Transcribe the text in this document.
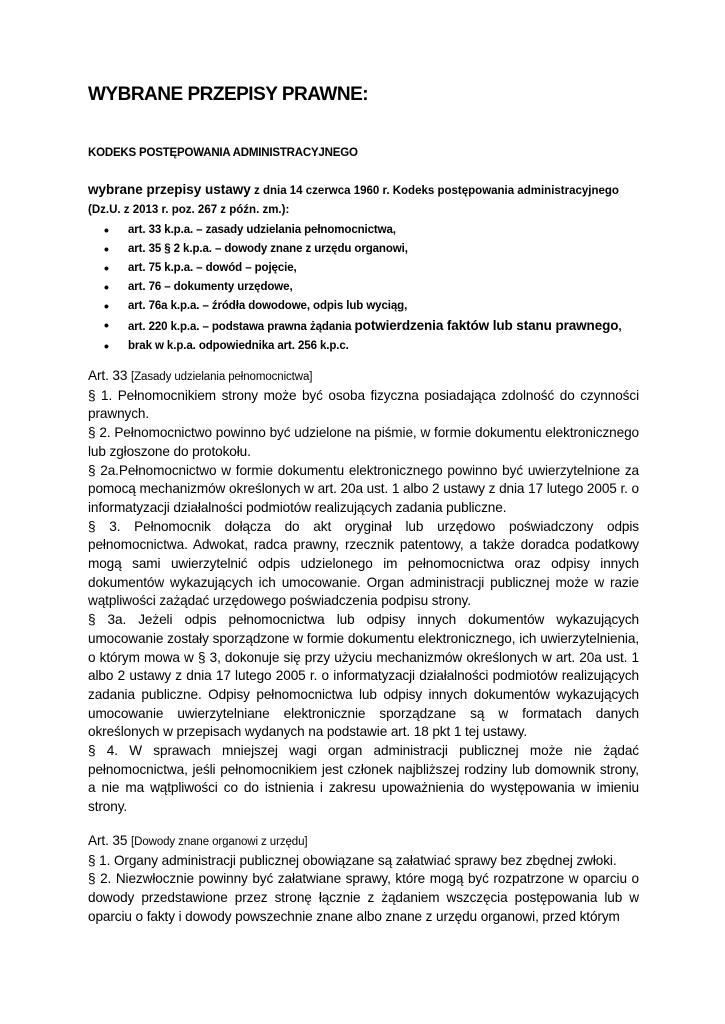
WYBRANE PRZEPISY PRAWNE:
KODEKS POSTĘPOWANIA ADMINISTRACYJNEGO

wybrane przepisy ustawy z dnia 14 czerwca 1960 r. Kodeks postępowania administracyjnego
(Dz.U. z 2013 r. poz. 267 z późn. zm.):

• art. 33 k.p.a. – zasady udzielania pełnomocnictwa,
• art. 35 § 2 k.p.a. – dowody znane z urzędu organowi,
• art. 75 k.p.a. – dowód – pojęcie,
• art. 76 – dokumenty urzędowe,
• art. 76a k.p.a. – źródła dowodowe, odpis lub wyciąg,
• art. 220 k.p.a. – podstawa prawna żądania potwierdzenia faktów lub stanu prawnego,
• brak w k.p.a. odpowiednika art. 256 k.p.c.

Art. 33 [Zasady udzielania pełnomocnictwa]

§ 1. Pełnomocnikiem strony może być osoba fizyczna posiadająca zdolność do czynności prawnych.

§ 2. Pełnomocnictwo powinno być udzielone na piśmie, w formie dokumentu elektronicznego lub zgłoszone do protokołu.

§ 2a.Pełnomocnictwo w formie dokumentu elektronicznego powinno być uwierzytelnione za pomocą mechanizmów określonych w art. 20a ust. 1 albo 2 ustawy z dnia 17 lutego 2005 r. o informatyzacji działalności podmiotów realizujących zadania publiczne.

§ 3. Pełnomocnik dołącza do akt oryginał lub urzędowo poświadczony odpis pełnomocnictwa. Adwokat, radca prawny, rzecznik patentowy, a także doradca podatkowy mogą sami uwierzytelnić odpis udzielonego im pełnomocnictwa oraz odpisy innych dokumentów wykazujących ich umocowanie. Organ administracji publicznej może w razie wątpliwości zażądać urzędowego poświadczenia podpisu strony.

§ 3a. Jeżeli odpis pełnomocnictwa lub odpisy innych dokumentów wykazujących umocowanie zostały sporządzone w formie dokumentu elektronicznego, ich uwierzytelnienia, o którym mowa w § 3, dokonuje się przy użyciu mechanizmów określonych w art. 20a ust. 1 albo 2 ustawy z dnia 17 lutego 2005 r. o informatyzacji działalności podmiotów realizujących zadania publiczne. Odpisy pełnomocnictwa lub odpisy innych dokumentów wykazujących umocowanie uwierzytelniane elektronicznie sporządzane są w formatach danych określonych w przepisach wydanych na podstawie art. 18 pkt 1 tej ustawy.

§ 4. W sprawach mniejszej wagi organ administracji publicznej może nie żądać pełnomocnictwa, jeśli pełnomocnikiem jest członek najbliższej rodziny lub domownik strony, a nie ma wątpliwości co do istnienia i zakresu upoważnienia do występowania w imieniu strony.

Art. 35 [Dowody znane organowi z urzędu]

§ 1. Organy administracji publicznej obowiązane są załatwiać sprawy bez zbędnej zwłoki.

§ 2. Niezwłocznie powinny być załatwiane sprawy, które mogą być rozpatrzone w oparciu o dowody przedstawione przez stronę łącznie z żądaniem wszczęcia postępowania lub w oparciu o fakty i dowody powszechnie znane albo znane z urzędu organowi, przed którym
